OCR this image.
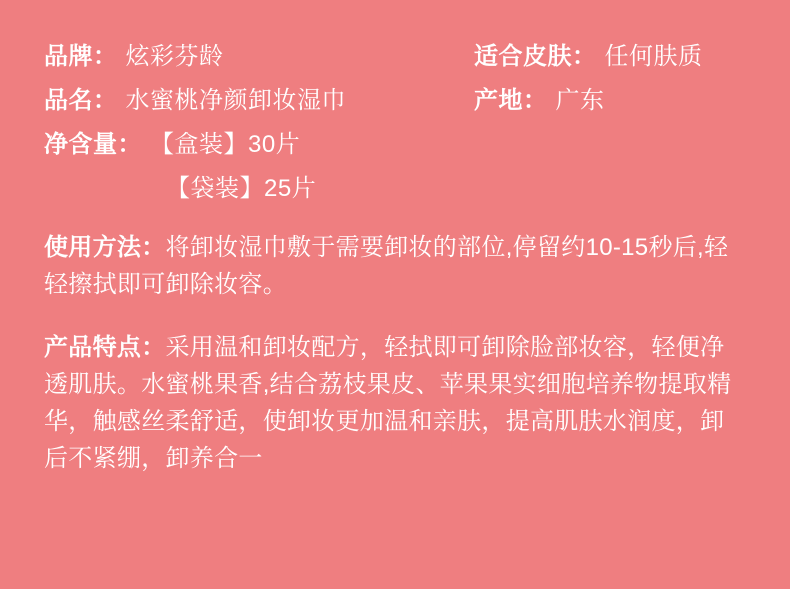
品牌： 炫彩芬龄	适合皮肤： 任何肤质
品名： 水蜜桃净颜卸妆湿巾	产地： 广东
净含量： 【盒装】30片
【袋装】25片

使用方法：将卸妆湿巾敷于需要卸妆的部位,停留约10-15秒后,轻轻擦拭即可卸除妆容。

产品特点：采用温和卸妆配方，轻拭即可卸除脸部妆容，轻便净透肌肤。水蜜桃果香,结合荔枝果皮、苹果果实细胞培养物提取精华，触感丝柔舒适，使卸妆更加温和亲肤，提高肌肤水润度，卸后不紧绷，卸养合一
